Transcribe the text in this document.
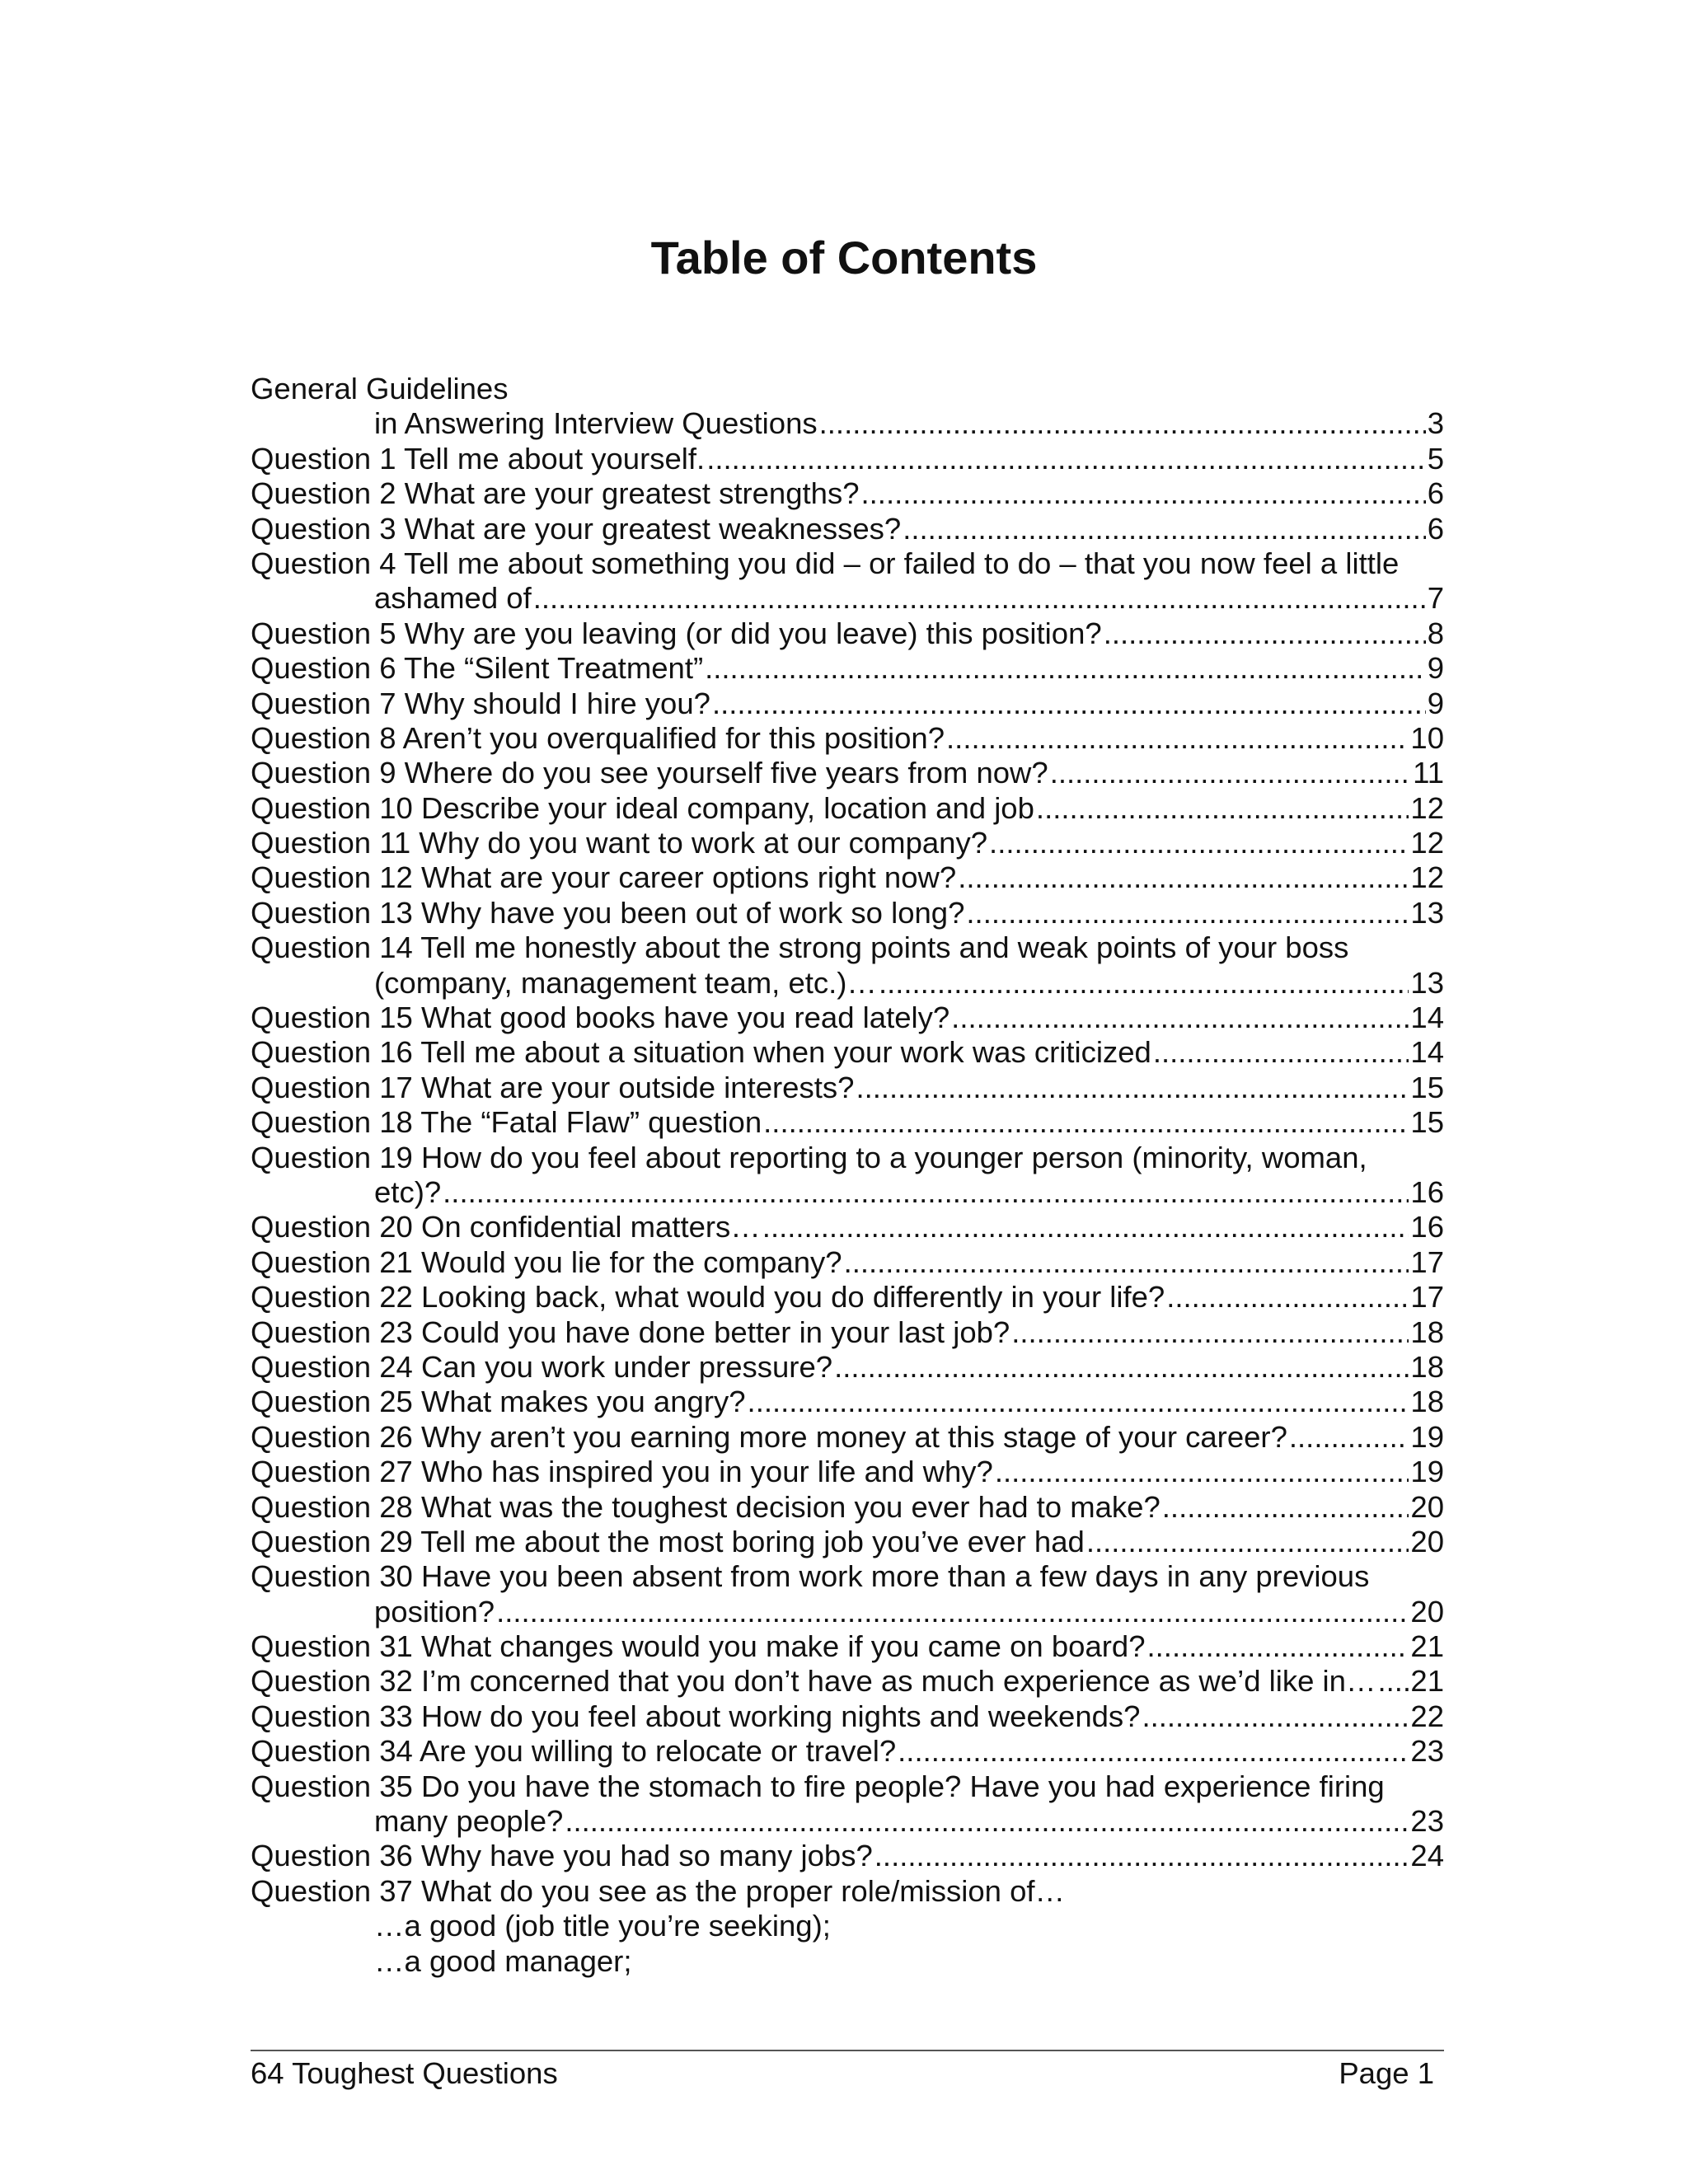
Table of Contents
General Guidelines
in Answering Interview Questions .....	3
Question 1 Tell me about yourself. .....	5
Question 2 What are your greatest strengths? .....	6
Question 3 What are your greatest weaknesses? .....	6
Question 4 Tell me about something you did – or failed to do – that you now feel a little
ashamed of .....	7
Question 5 Why are you leaving (or did you leave) this position? .....	8
Question 6 The “Silent Treatment” .....	9
Question 7 Why should I hire you? .....	9
Question 8 Aren’t you overqualified for this position? .....	10
Question 9 Where do you see yourself five years from now? .....	11
Question 10 Describe your ideal company, location and job .....	12
Question 11 Why do you want to work at our company? .....	12
Question 12 What are your career options right now? .....	12
Question 13 Why have you been out of work so long? .....	13
Question 14 Tell me honestly about the strong points and weak points of your boss
(company, management team, etc.)… .....	13
Question 15 What good books have you read lately? .....	14
Question 16 Tell me about a situation when your work was criticized .....	14
Question 17 What are your outside interests? .....	15
Question 18 The “Fatal Flaw” question .....	15
Question 19 How do you feel about reporting to a younger person (minority, woman,
etc)? .....	16
Question 20 On confidential matters… .....	16
Question 21 Would you lie for the company? .....	17
Question 22 Looking back, what would you do differently in your life? .....	17
Question 23 Could you have done better in your last job? .....	18
Question 24 Can you work under pressure? .....	18
Question 25 What makes you angry? .....	18
Question 26 Why aren’t you earning more money at this stage of your career? .....	19
Question 27 Who has inspired you in your life and why? .....	19
Question 28 What was the toughest decision you ever had to make? .....	20
Question 29 Tell me about the most boring job you’ve ever had .....	20
Question 30 Have you been absent from work more than a few days in any previous
position? .....	20
Question 31 What changes would you make if you came on board? .....	21
Question 32 I’m concerned that you don’t have as much experience as we’d like in… ..... 21
Question 33 How do you feel about working nights and weekends? .....	22
Question 34 Are you willing to relocate or travel? .....	23
Question 35 Do you have the stomach to fire people? Have you had experience firing
many people? .....	23
Question 36 Why have you had so many jobs? .....	24
Question 37 What do you see as the proper role/mission of…
…a good (job title you’re seeking);
…a good manager;
64 Toughest Questions	Page 1
